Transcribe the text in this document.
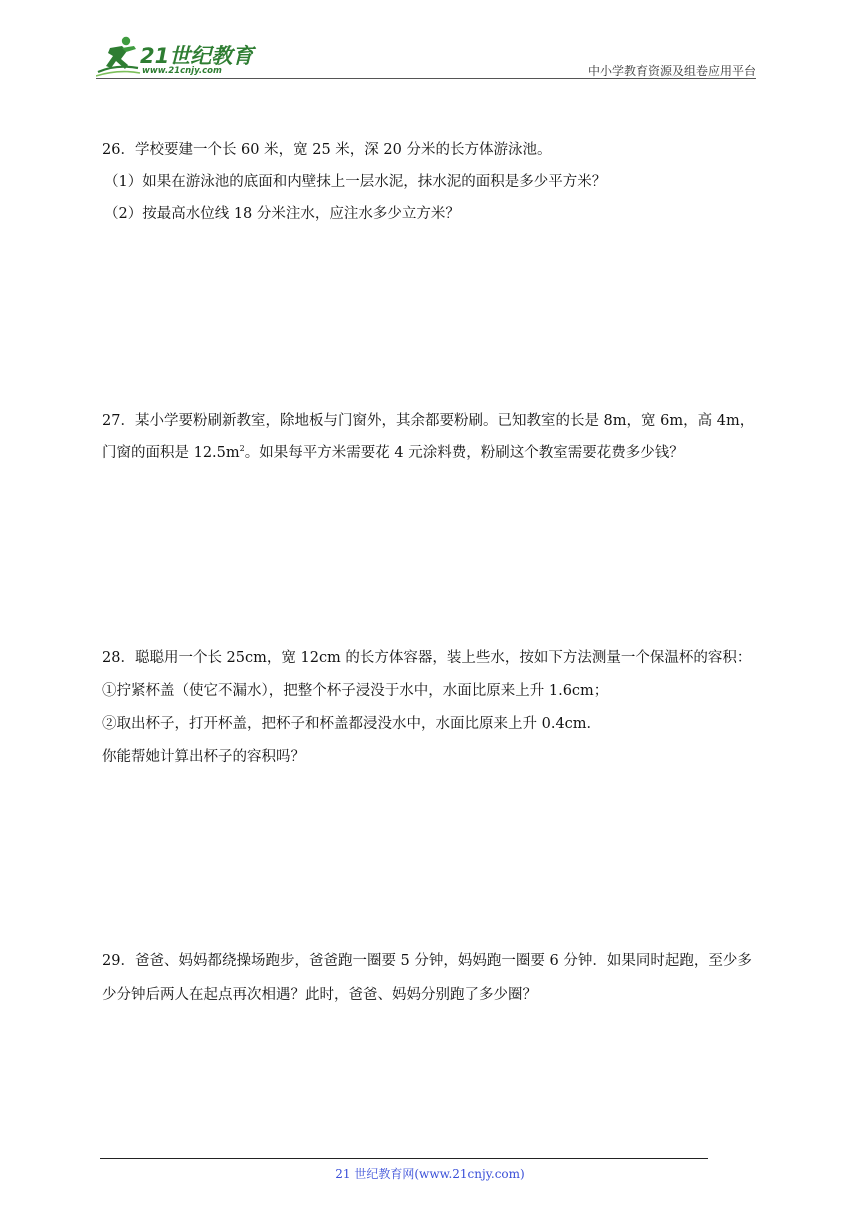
21世纪教育
www.21cnjy.com	中小学教育资源及组卷应用平台
26．学校要建一个长 60 米，宽 25 米，深 20 分米的长方体游泳池。
（1）如果在游泳池的底面和内壁抹上一层水泥，抹水泥的面积是多少平方米？
（2）按最高水位线 18 分米注水，应注水多少立方米？
27．某小学要粉刷新教室，除地板与门窗外，其余都要粉刷。已知教室的长是 8m，宽 6m，高 4m，
门窗的面积是 $12.5m^2$。如果每平方米需要花 4 元涂料费，粉刷这个教室需要花费多少钱？
28．聪聪用一个长 25cm，宽 12cm 的长方体容器，装上些水，按如下方法测量一个保温杯的容积：
①拧紧杯盖（使它不漏水），把整个杯子浸没于水中，水面比原来上升 1.6cm；
②取出杯子，打开杯盖，把杯子和杯盖都浸没水中，水面比原来上升 0.4cm．
你能帮她计算出杯子的容积吗？
29．爸爸、妈妈都绕操场跑步，爸爸跑一圈要 5 分钟，妈妈跑一圈要 6 分钟．如果同时起跑，至少多
少分钟后两人在起点再次相遇？此时，爸爸、妈妈分别跑了多少圈？
21 世纪教育网(www.21cnjy.com)
